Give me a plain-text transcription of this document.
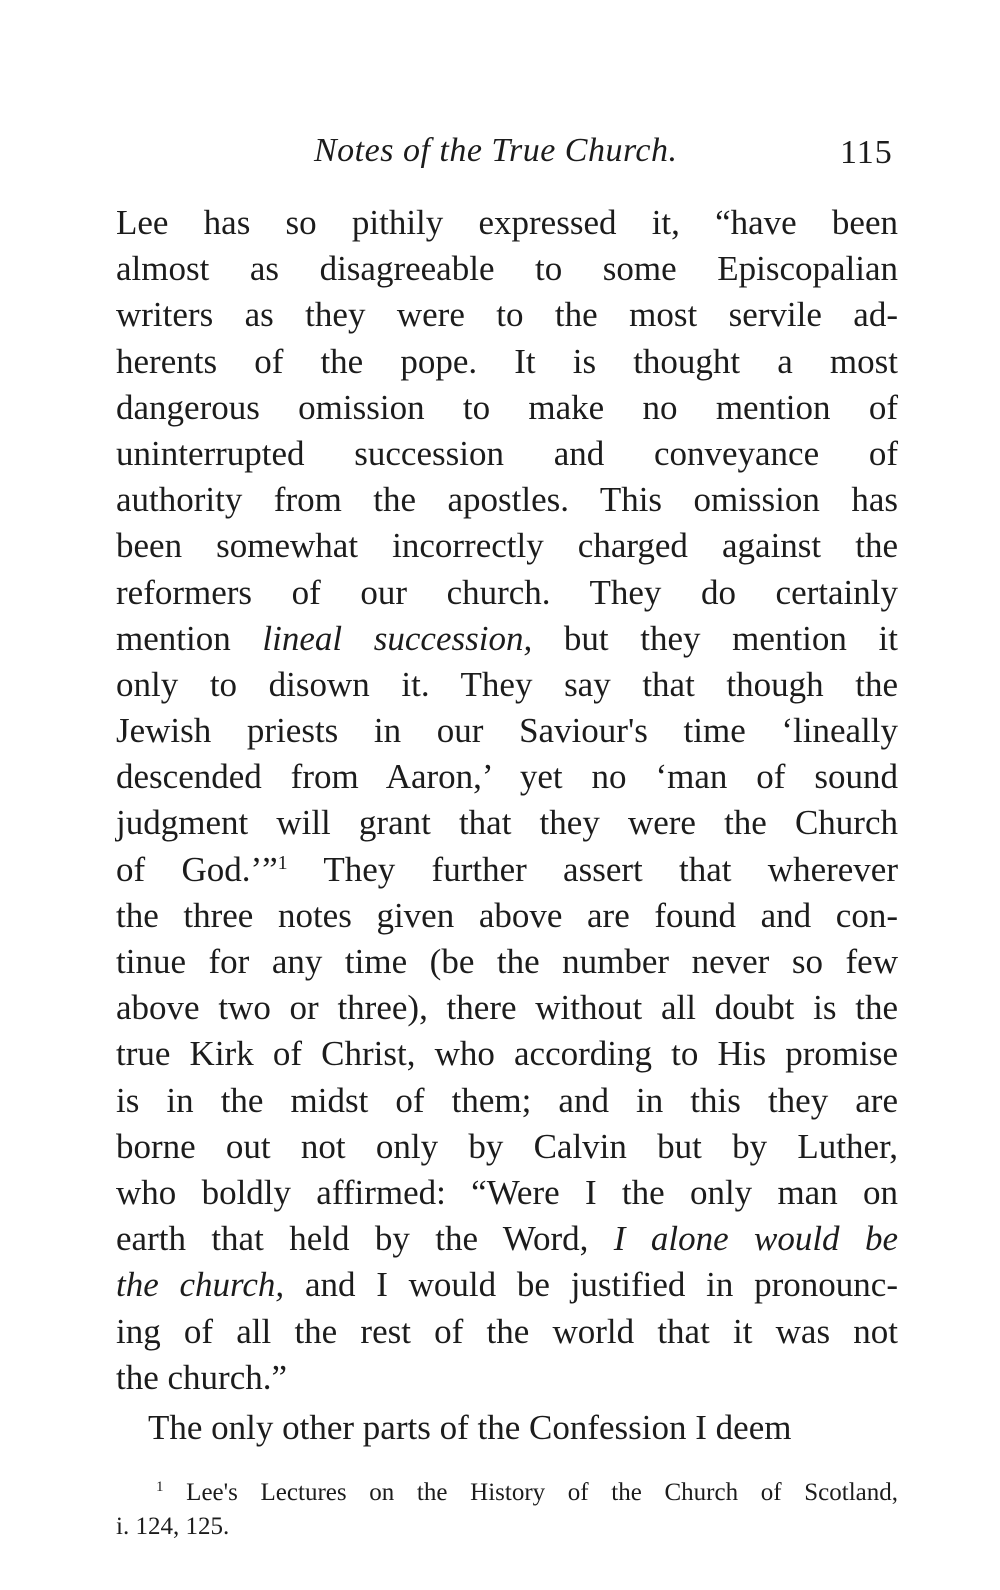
Notes of the True Church.	115
Lee has so pithily expressed it, “have been
almost as disagreeable to some Episcopalian
writers as they were to the most servile ad-
herents of the pope. It is thought a most
dangerous omission to make no mention of
uninterrupted succession and conveyance of
authority from the apostles. This omission has
been somewhat incorrectly charged against the
reformers of our church. They do certainly
mention lineal succession, but they mention it
only to disown it. They say that though the
Jewish priests in our Saviour's time ‘lineally
descended from Aaron,’ yet no ‘man of sound
judgment will grant that they were the Church
of God.’”$^1$ They further assert that wherever
the three notes given above are found and con-
tinue for any time (be the number never so few
above two or three), there without all doubt is the
true Kirk of Christ, who according to His promise
is in the midst of them; and in this they are
borne out not only by Calvin but by Luther,
who boldly affirmed: “Were I the only man on
earth that held by the Word, I alone would be
the church, and I would be justified in pronounc-
ing of all the rest of the world that it was not
the church.”
The only other parts of the Confession I deem
$^1$ Lee's Lectures on the History of the Church of Scotland,
i. 124, 125.
